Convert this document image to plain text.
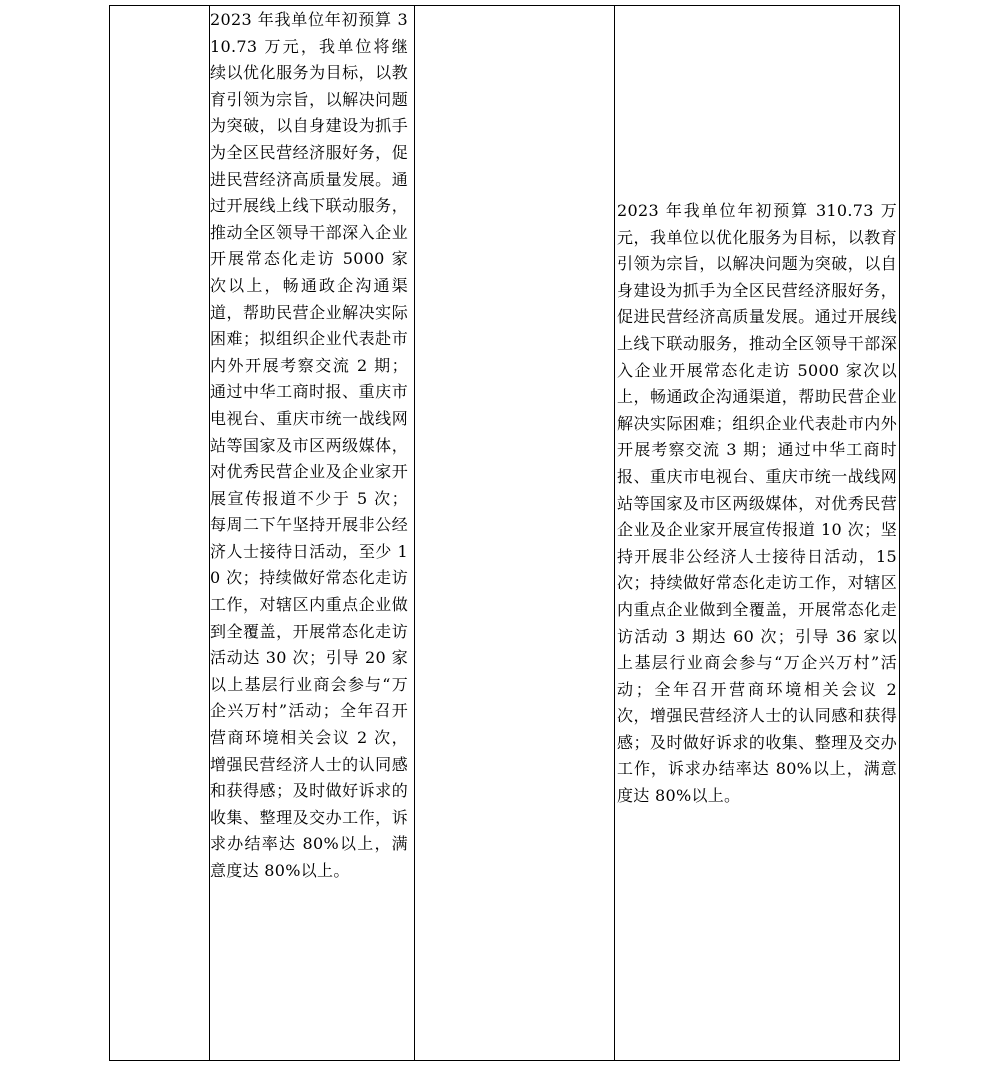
2023 年我单位年初预算 310.73 万元，我单位将继续以优化服务为目标，以教育引领为宗旨，以解决问题为突破，以自身建设为抓手为全区民营经济服好务，促进民营经济高质量发展。通过开展线上线下联动服务，推动全区领导干部深入企业开展常态化走访 5000 家次以上，畅通政企沟通渠道，帮助民营企业解决实际困难；拟组织企业代表赴市内外开展考察交流 2 期；通过中华工商时报、重庆市电视台、重庆市统一战线网站等国家及市区两级媒体，对优秀民营企业及企业家开展宣传报道不少于 5 次；每周二下午坚持开展非公经济人士接待日活动，至少 10 次；持续做好常态化走访工作，对辖区内重点企业做到全覆盖，开展常态化走访活动达 30 次；引导 20 家以上基层行业商会参与“万企兴万村”活动；全年召开营商环境相关会议 2 次，增强民营经济人士的认同感和获得感；及时做好诉求的收集、整理及交办工作，诉求办结率达 80%以上，满意度达 80%以上。
2023 年我单位年初预算 310.73 万元，我单位以优化服务为目标，以教育引领为宗旨，以解决问题为突破，以自身建设为抓手为全区民营经济服好务，促进民营经济高质量发展。通过开展线上线下联动服务，推动全区领导干部深入企业开展常态化走访 5000 家次以上，畅通政企沟通渠道，帮助民营企业解决实际困难；组织企业代表赴市内外开展考察交流 3 期；通过中华工商时报、重庆市电视台、重庆市统一战线网站等国家及市区两级媒体，对优秀民营企业及企业家开展宣传报道 10 次；坚持开展非公经济人士接待日活动，15 次；持续做好常态化走访工作，对辖区内重点企业做到全覆盖，开展常态化走访活动 3 期达 60 次；引导 36 家以上基层行业商会参与“万企兴万村”活动；全年召开营商环境相关会议 2 次，增强民营经济人士的认同感和获得感；及时做好诉求的收集、整理及交办工作，诉求办结率达 80%以上，满意度达 80%以上。
